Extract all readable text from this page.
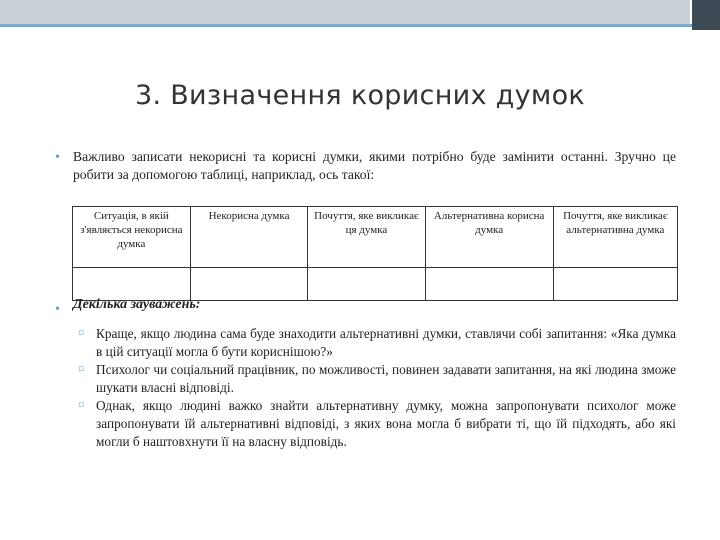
3. Визначення корисних думок
• Важливо записати некорисні та корисні думки, якими потрібно буде замінити останні. Зручно це робити за допомогою таблиці, наприклад, ось такої:
Ситуація, в якій з'являється некорисна думка	Некорисна думка	Почуття, яке викликає ця думка	Альтернативна корисна думка	Почуття, яке викликає альтернативна думка

• Декілька зауважень:
▫ Краще, якщо людина сама буде знаходити альтернативні думки, ставлячи собі запитання: «Яка думка в цій ситуації могла б бути кориснішою?»
▫ Психолог чи соціальний працівник, по можливості, повинен задавати запитання, на які людина зможе шукати власні відповіді.
▫ Однак, якщо людині важко знайти альтернативну думку, можна запропонувати психолог може запропонувати їй альтернативні відповіді, з яких вона могла б вибрати ті, що їй підходять, або які могли б наштовхнути її на власну відповідь.
